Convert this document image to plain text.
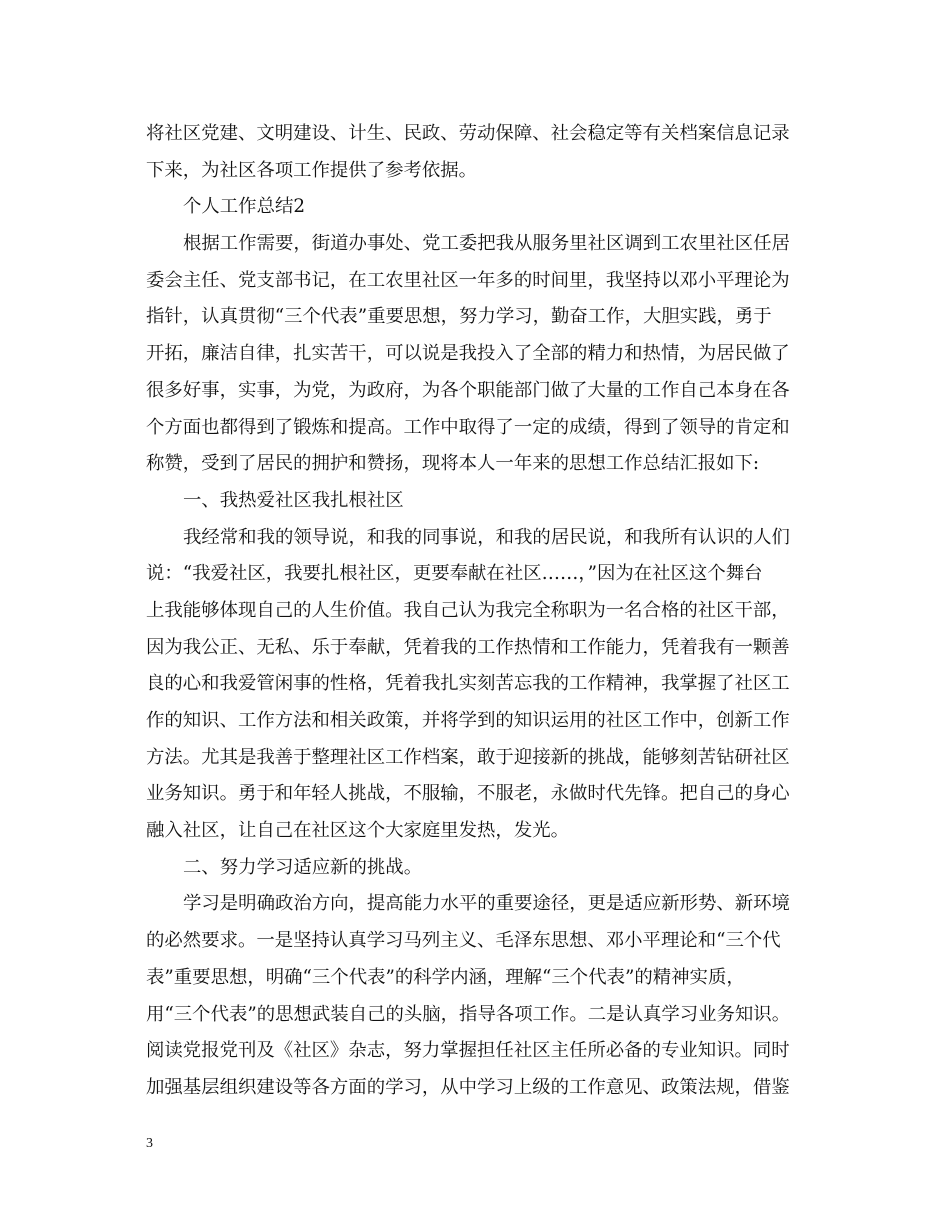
将社区党建、文明建设、计生、民政、劳动保障、社会稳定等有关档案信息记录
下来，为社区各项工作提供了参考依据。
个人工作总结2
根据工作需要，街道办事处、党工委把我从服务里社区调到工农里社区任居
委会主任、党支部书记，在工农里社区一年多的时间里，我坚持以邓小平理论为
指针，认真贯彻“三个代表”重要思想，努力学习，勤奋工作，大胆实践，勇于
开拓，廉洁自律，扎实苦干，可以说是我投入了全部的精力和热情，为居民做了
很多好事，实事，为党，为政府，为各个职能部门做了大量的工作自己本身在各
个方面也都得到了锻炼和提高。工作中取得了一定的成绩，得到了领导的肯定和
称赞，受到了居民的拥护和赞扬，现将本人一年来的思想工作总结汇报如下:
一、我热爱社区我扎根社区
我经常和我的领导说，和我的同事说，和我的居民说，和我所有认识的人们
说：“我爱社区，我要扎根社区，更要奉献在社区……，”因为在社区这个舞台
上我能够体现自己的人生价值。我自己认为我完全称职为一名合格的社区干部，
因为我公正、无私、乐于奉献，凭着我的工作热情和工作能力，凭着我有一颗善
良的心和我爱管闲事的性格，凭着我扎实刻苦忘我的工作精神，我掌握了社区工
作的知识、工作方法和相关政策，并将学到的知识运用的社区工作中，创新工作
方法。尤其是我善于整理社区工作档案，敢于迎接新的挑战，能够刻苦钻研社区
业务知识。勇于和年轻人挑战，不服输，不服老，永做时代先锋。把自己的身心
融入社区，让自己在社区这个大家庭里发热，发光。
二、努力学习适应新的挑战。
学习是明确政治方向，提高能力水平的重要途径，更是适应新形势、新环境
的必然要求。一是坚持认真学习马列主义、毛泽东思想、邓小平理论和“三个代
表”重要思想，明确“三个代表”的科学内涵，理解“三个代表”的精神实质，
用“三个代表”的思想武装自己的头脑，指导各项工作。二是认真学习业务知识。
阅读党报党刊及《社区》杂志，努力掌握担任社区主任所必备的专业知识。同时
加强基层组织建设等各方面的学习，从中学习上级的工作意见、政策法规，借鉴
3
